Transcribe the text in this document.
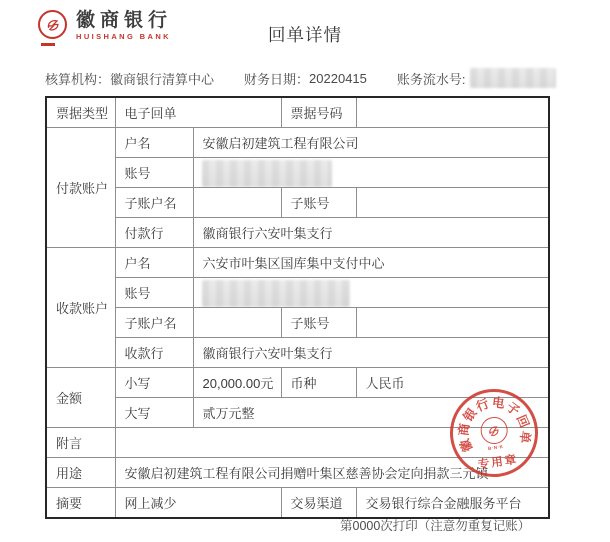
徽商银行
HUISHANG BANK	回单详情
核算机构： 徽商银行清算中心 财务日期： 20220415 账务流水号:
票据类型	电子回单		票据号码	
付款账户	户名	安徽启初建筑工程有限公司		
	账号			

	子账户名		子账号	
	付款行	徽商银行六安叶集支行		
收款账户	户名	六安市叶集区国库集中支付中心		
	账号			

	子账户名		子账号	
	收款行	徽商银行六安叶集支行		
金额	小写	20,000.00元	币种	人民币
	大写	贰万元整		
附言				
用途	安徽启初建筑工程有限公司捐赠叶集区慈善协会定向捐款三元镇			
摘要	网上减少		交易渠道	交易银行综合金融服务平台
徽
商
银
行 电
子
回
单
B·N·K
专用章
第0000次打印（注意勿重复记账）
